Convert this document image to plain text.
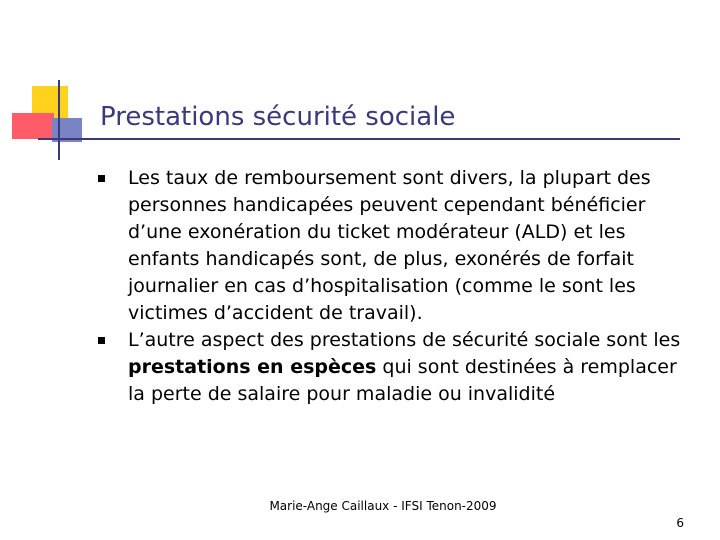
Prestations sécurité sociale
Les taux de remboursement sont divers, la plupart des personnes handicapées peuvent cependant bénéficier d’une exonération du ticket modérateur (ALD) et les enfants handicapés sont, de plus, exonérés de forfait journalier en cas d’hospitalisation (comme le sont les victimes d’accident de travail).
L’autre aspect des prestations de sécurité sociale sont les prestations en espèces qui sont destinées à remplacer la perte de salaire pour maladie ou invalidité
Marie-Ange Caillaux - IFSI Tenon-2009
6
